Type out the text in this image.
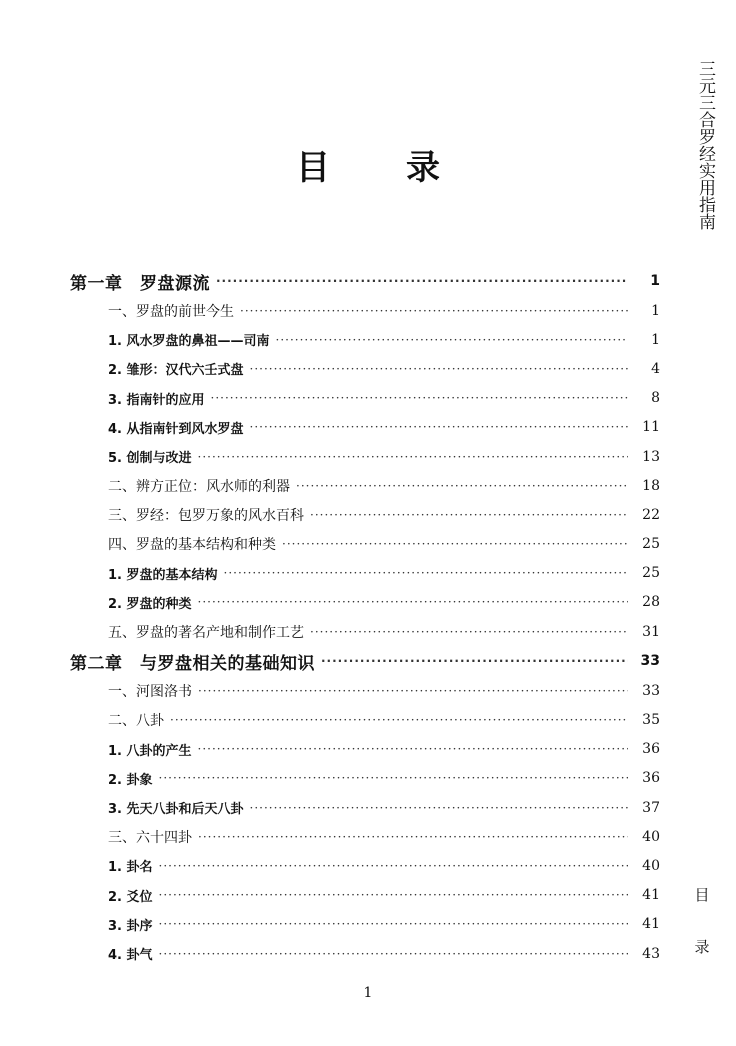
三元三合罗经实用指南
目
录
目 录
第一章　罗盘源流 ·····	1
一、罗盘的前世今生 ·····	1
1. 风水罗盘的鼻祖——司南 ·····	1
2. 雏形：汉代六壬式盘 ·····	4
3. 指南针的应用 ·····	8
4. 从指南针到风水罗盘 ·····	11
5. 创制与改进 ·····	13
二、辨方正位：风水师的利器 ·····	18
三、罗经：包罗万象的风水百科 ·····	22
四、罗盘的基本结构和种类 ·····	25
1. 罗盘的基本结构 ·····	25
2. 罗盘的种类 ·····	28
五、罗盘的著名产地和制作工艺 ·····	31
第二章　与罗盘相关的基础知识 ·····	33
一、河图洛书 ·····	33
二、八卦 ·····	35
1. 八卦的产生 ·····	36
2. 卦象 ·····	36
3. 先天八卦和后天八卦 ·····	37
三、六十四卦 ·····	40
1. 卦名 ·····	40
2. 爻位 ·····	41
3. 卦序 ·····	41
4. 卦气 ·····	43
1
